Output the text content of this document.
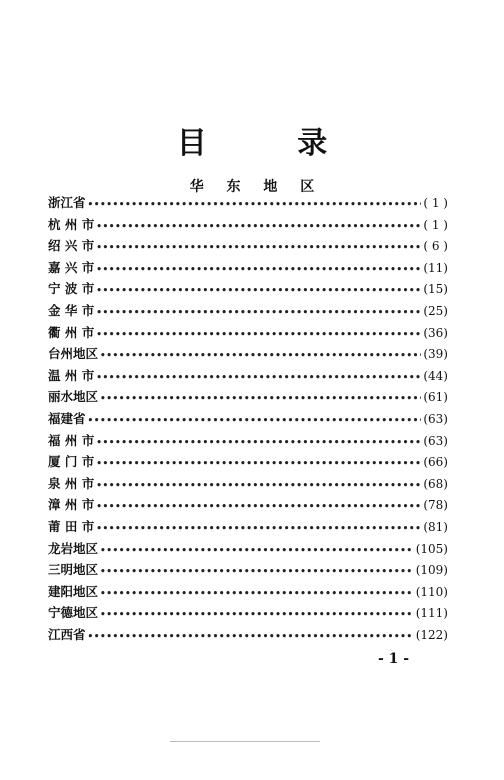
目 录
华 东 地 区
浙江省 •••••	( 1 )
杭 州 市 •••••	( 1 )
绍 兴 市 •••••	( 6 )
嘉 兴 市 •••••	(11)
宁 波 市 •••••	(15)
金 华 市 •••••	(25)
衢 州 市 •••••	(36)
台州地区 •••••	(39)
温 州 市 •••••	(44)
丽水地区 •••••	(61)
福建省 •••••	(63)
福 州 市 •••••	(63)
厦 门 市 •••••	(66)
泉 州 市 •••••	(68)
漳 州 市 •••••	(78)
莆 田 市 •••••	(81)
龙岩地区 •••••	(105)
三明地区 •••••	(109)
建阳地区 •••••	(110)
宁德地区 •••••	(111)
江西省 •••••	(122)
- 1 -
